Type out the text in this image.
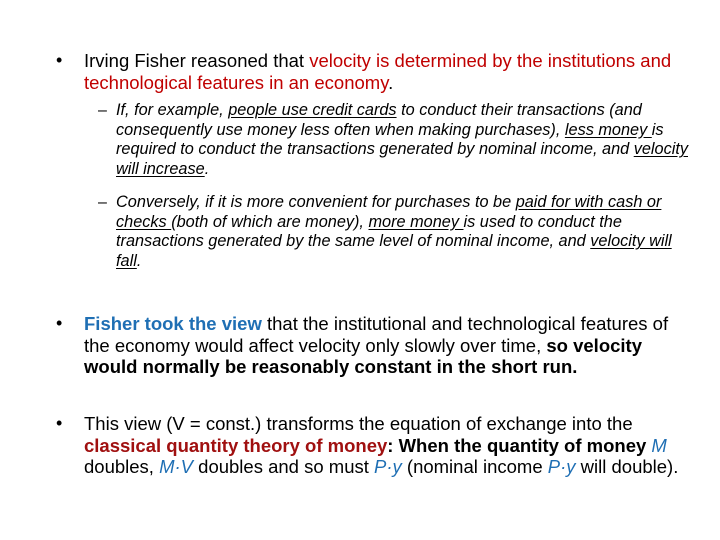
• Irving Fisher reasoned that velocity is determined by the institutions and technological features in an economy.
– If, for example, people use credit cards to conduct their transactions (and consequently use money less often when making purchases), less money is required to conduct the transactions generated by nominal income, and velocity will increase.
– Conversely, if it is more convenient for purchases to be paid for with cash or checks (both of which are money), more money is used to conduct the transactions generated by the same level of nominal income, and velocity will fall.
• Fisher took the view that the institutional and technological features of the economy would affect velocity only slowly over time, so velocity would normally be reasonably constant in the short run.
• This view (V = const.) transforms the equation of exchange into the classical quantity theory of money: When the quantity of money M doubles, M·V doubles and so must P·y (nominal income P·y will double).
